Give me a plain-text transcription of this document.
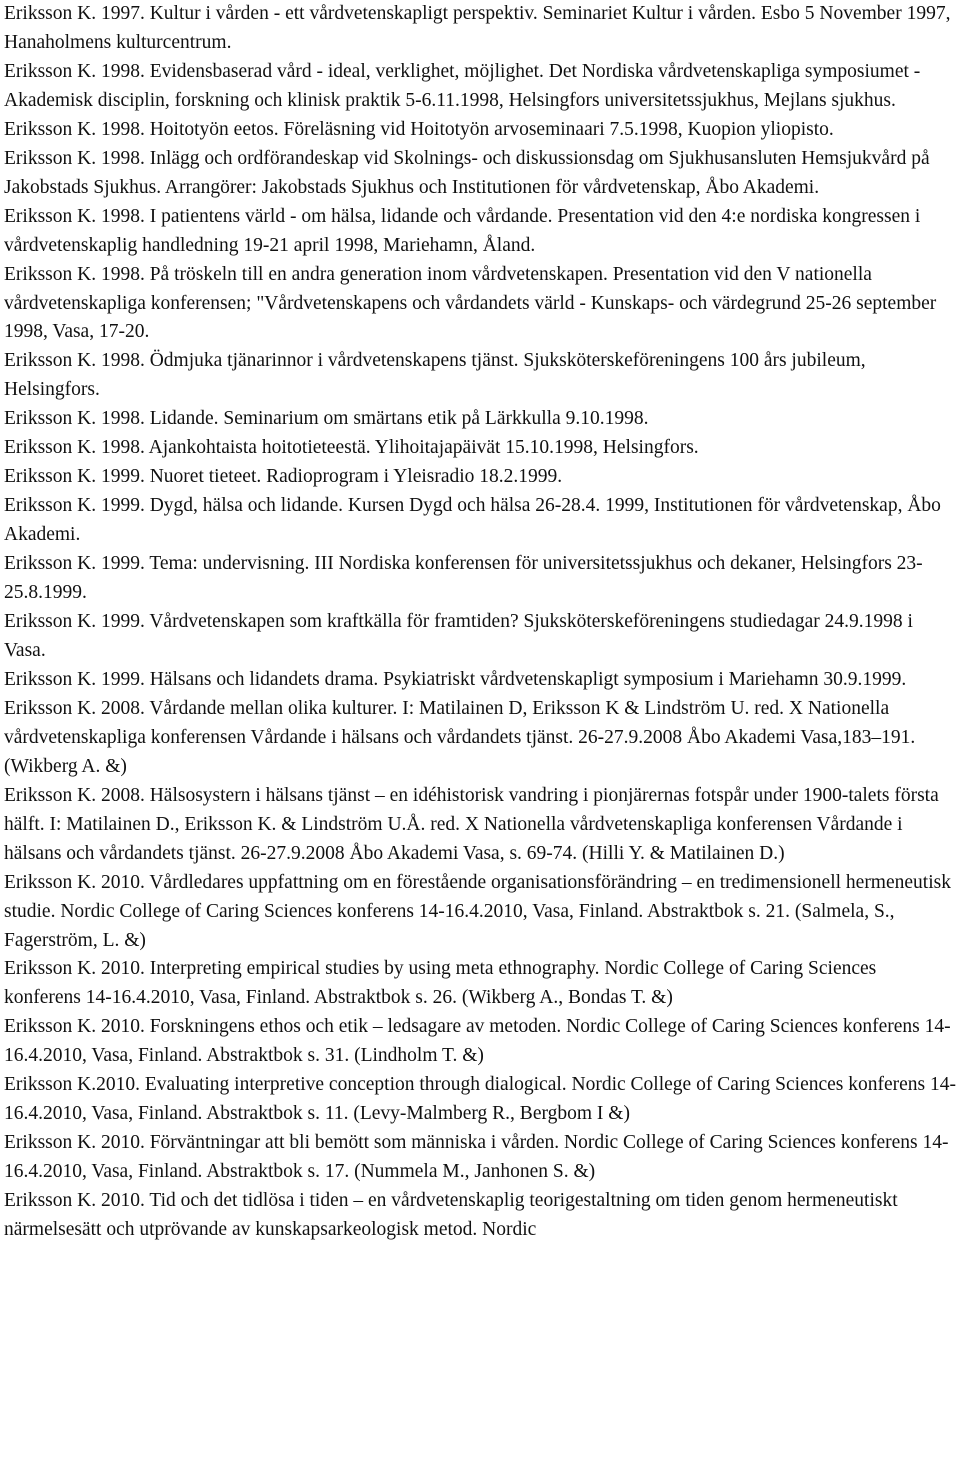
Eriksson K. 1997. Kultur i vården - ett vårdvetenskapligt perspektiv. Seminariet Kultur i vården. Esbo 5 November 1997, Hanaholmens kulturcentrum.

Eriksson K. 1998. Evidensbaserad vård - ideal, verklighet, möjlighet. Det Nordiska vårdvetenskapliga symposiumet - Akademisk disciplin, forskning och klinisk praktik 5-6.11.1998, Helsingfors universitetssjukhus, Mejlans sjukhus.

Eriksson K. 1998. Hoitotyön eetos. Föreläsning vid Hoitotyön arvoseminaari 7.5.1998, Kuopion yliopisto.

Eriksson K. 1998. Inlägg och ordförandeskap vid Skolnings- och diskussionsdag om Sjukhusansluten Hemsjukvård på Jakobstads Sjukhus. Arrangörer: Jakobstads Sjukhus och Institutionen för vårdvetenskap, Åbo Akademi.

Eriksson K. 1998. I patientens värld - om hälsa, lidande och vårdande. Presentation vid den 4:e nordiska kongressen i vårdvetenskaplig handledning 19-21 april 1998, Mariehamn, Åland.

Eriksson K. 1998. På tröskeln till en andra generation inom vårdvetenskapen. Presentation vid den V nationella vårdvetenskapliga konferensen; "Vårdvetenskapens och vårdandets värld - Kunskaps- och värdegrund 25-26 september 1998, Vasa, 17-20.

Eriksson K. 1998. Ödmjuka tjänarinnor i vårdvetenskapens tjänst. Sjuksköterskeföreningens 100 års jubileum, Helsingfors.

Eriksson K. 1998. Lidande. Seminarium om smärtans etik på Lärkkulla 9.10.1998.

Eriksson K. 1998. Ajankohtaista hoitotieteestä. Ylihoitajapäivät 15.10.1998, Helsingfors.

Eriksson K. 1999. Nuoret tieteet. Radioprogram i Yleisradio 18.2.1999.

Eriksson K. 1999. Dygd, hälsa och lidande. Kursen Dygd och hälsa 26-28.4. 1999, Institutionen för vårdvetenskap, Åbo Akademi.

Eriksson K. 1999. Tema: undervisning. III Nordiska konferensen för universitetssjukhus och dekaner, Helsingfors 23-25.8.1999.

Eriksson K. 1999. Vårdvetenskapen som kraftkälla för framtiden? Sjuksköterskeföreningens studiedagar 24.9.1998 i Vasa.

Eriksson K. 1999. Hälsans och lidandets drama. Psykiatriskt vårdvetenskapligt symposium i Mariehamn 30.9.1999.

Eriksson K. 2008. Vårdande mellan olika kulturer. I: Matilainen D, Eriksson K & Lindström U. red. X Nationella vårdvetenskapliga konferensen Vårdande i hälsans och vårdandets tjänst. 26-27.9.2008 Åbo Akademi Vasa,183–191. (Wikberg A. &)

Eriksson K. 2008. Hälsosystern i hälsans tjänst – en idéhistorisk vandring i pionjärernas fotspår under 1900-talets första hälft. I: Matilainen D., Eriksson K. & Lindström U.Å. red. X Nationella vårdvetenskapliga konferensen Vårdande i hälsans och vårdandets tjänst. 26-27.9.2008 Åbo Akademi Vasa, s. 69-74. (Hilli Y. & Matilainen D.)

Eriksson K. 2010. Vårdledares uppfattning om en förestående organisationsförändring – en tredimensionell hermeneutisk studie. Nordic College of Caring Sciences konferens 14-16.4.2010, Vasa, Finland. Abstraktbok s. 21. (Salmela, S., Fagerström, L. &)

Eriksson K. 2010. Interpreting empirical studies by using meta ethnography. Nordic College of Caring Sciences konferens 14-16.4.2010, Vasa, Finland. Abstraktbok s. 26. (Wikberg A., Bondas T. &)

Eriksson K. 2010. Forskningens ethos och etik – ledsagare av metoden. Nordic College of Caring Sciences konferens 14-16.4.2010, Vasa, Finland. Abstraktbok s. 31. (Lindholm T. &)

Eriksson K.2010. Evaluating interpretive conception through dialogical. Nordic College of Caring Sciences konferens 14-16.4.2010, Vasa, Finland. Abstraktbok s. 11. (Levy-Malmberg R., Bergbom I &)

Eriksson K. 2010. Förväntningar att bli bemött som människa i vården. Nordic College of Caring Sciences konferens 14-16.4.2010, Vasa, Finland. Abstraktbok s. 17. (Nummela M., Janhonen S. &)

Eriksson K. 2010. Tid och det tidlösa i tiden – en vårdvetenskaplig teorigestaltning om tiden genom hermeneutiskt närmelsesätt och utprövande av kunskapsarkeologisk metod. Nordic
